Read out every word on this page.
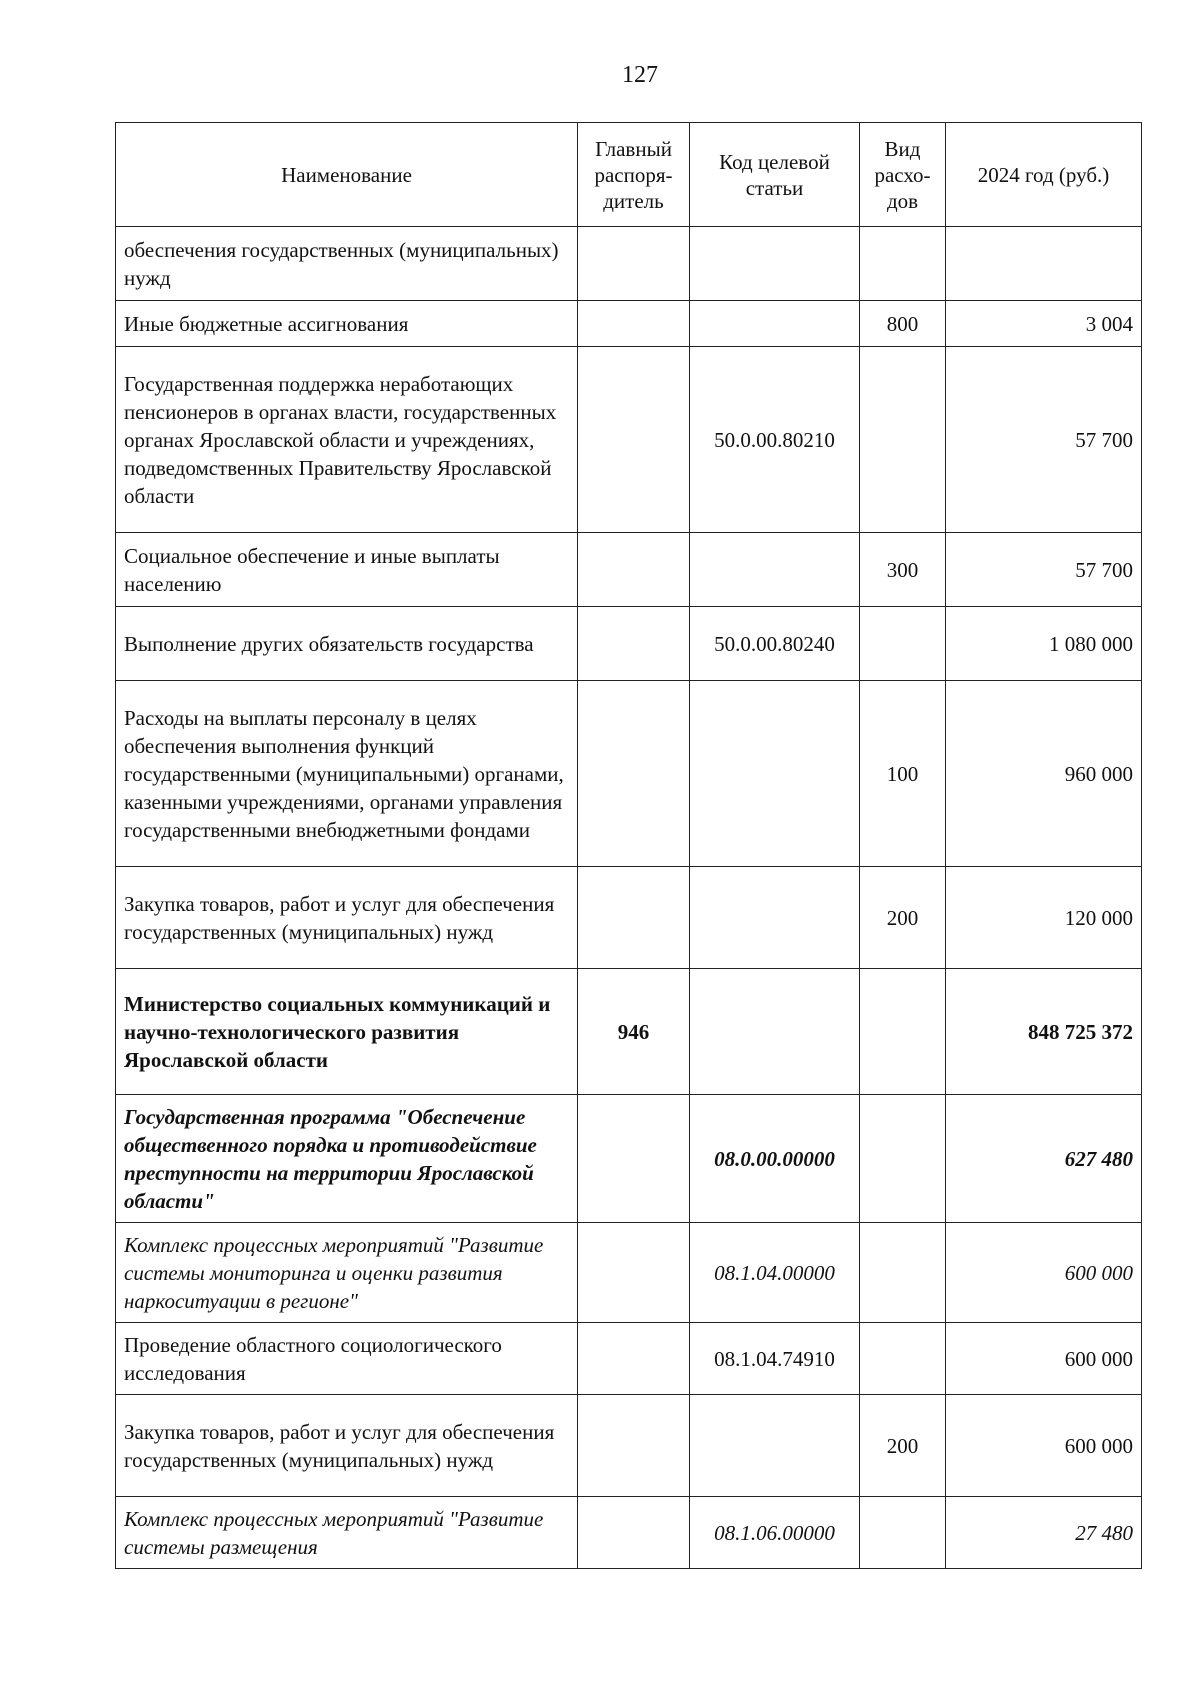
127
Наименование	Главный распоря-дитель	Код целевой статьи	Вид расхо-дов	2024 год (руб.)
обеспечения государственных (муниципальных) нужд				
Иные бюджетные ассигнования			800	3 004
Государственная поддержка неработающих пенсионеров в органах власти, государственных органах Ярославской области и учреждениях, подведомственных Правительству Ярославской области		50.0.00.80210		57 700
Социальное обеспечение и иные выплаты населению			300	57 700
Выполнение других обязательств государства		50.0.00.80240		1 080 000
Расходы на выплаты персоналу в целях обеспечения выполнения функций государственными (муниципальными) органами, казенными учреждениями, органами управления государственными внебюджетными фондами			100	960 000
Закупка товаров, работ и услуг для обеспечения государственных (муниципальных) нужд			200	120 000
Министерство социальных коммуникаций и научно-технологического развития Ярославской области	946			848 725 372
Государственная программа "Обеспечение общественного порядка и противодействие преступности на территории Ярославской области"		08.0.00.00000		627 480
Комплекс процессных мероприятий "Развитие системы мониторинга и оценки развития наркоситуации в регионе"		08.1.04.00000		600 000
Проведение областного социологического исследования		08.1.04.74910		600 000
Закупка товаров, работ и услуг для обеспечения государственных (муниципальных) нужд			200	600 000
Комплекс процессных мероприятий "Развитие системы размещения		08.1.06.00000		27 480
